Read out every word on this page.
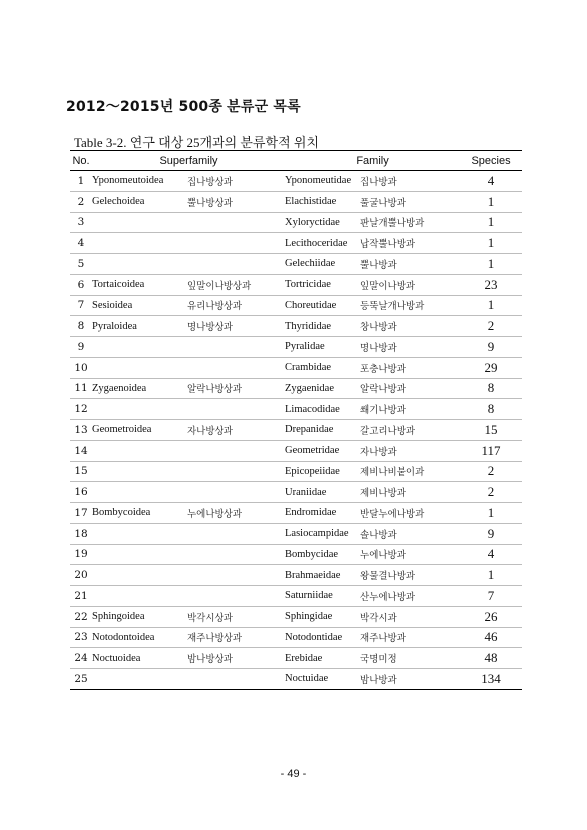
2012～2015년 500종 분류군 목록
Table 3-2. 연구 대상 25개과의 분류학적 위치
No.	Superfamily		Family		Species
1	Yponomeutoidea	집나방상과	Yponomeutidae	집나방과	4
2	Gelechoidea	뿔나방상과	Elachistidae	풀굴나방과	1
3			Xyloryctidae	판날개뿔나방과	1
4			Lecithoceridae	납작뿔나방과	1
5			Gelechiidae	뿔나방과	1
6	Tortaicoidea	잎말이나방상과	Tortricidae	잎말이나방과	23
7	Sesioidea	유리나방상과	Choreutidae	등뚝날개나방과	1
8	Pyraloidea	명나방상과	Thyrididae	창나방과	2
9			Pyralidae	명나방과	9
10			Crambidae	포충나방과	29
11	Zygaenoidea	알락나방상과	Zygaenidae	알락나방과	8
12			Limacodidae	쐐기나방과	8
13	Geometroidea	자나방상과	Drepanidae	갈고리나방과	15
14			Geometridae	자나방과	117
15			Epicopeiidae	제비나비붙이과	2
16			Uraniidae	제비나방과	2
17	Bombycoidea	누에나방상과	Endromidae	반달누에나방과	1
18			Lasiocampidae	솔나방과	9
19			Bombycidae	누에나방과	4
20			Brahmaeidae	왕물결나방과	1
21			Saturniidae	산누에나방과	7
22	Sphingoidea	박각시상과	Sphingidae	박각시과	26
23	Notodontoidea	재주나방상과	Notodontidae	재주나방과	46
24	Noctuoidea	밤나방상과	Erebidae	국명미정	48
25			Noctuidae	밤나방과	134
- 49 -
